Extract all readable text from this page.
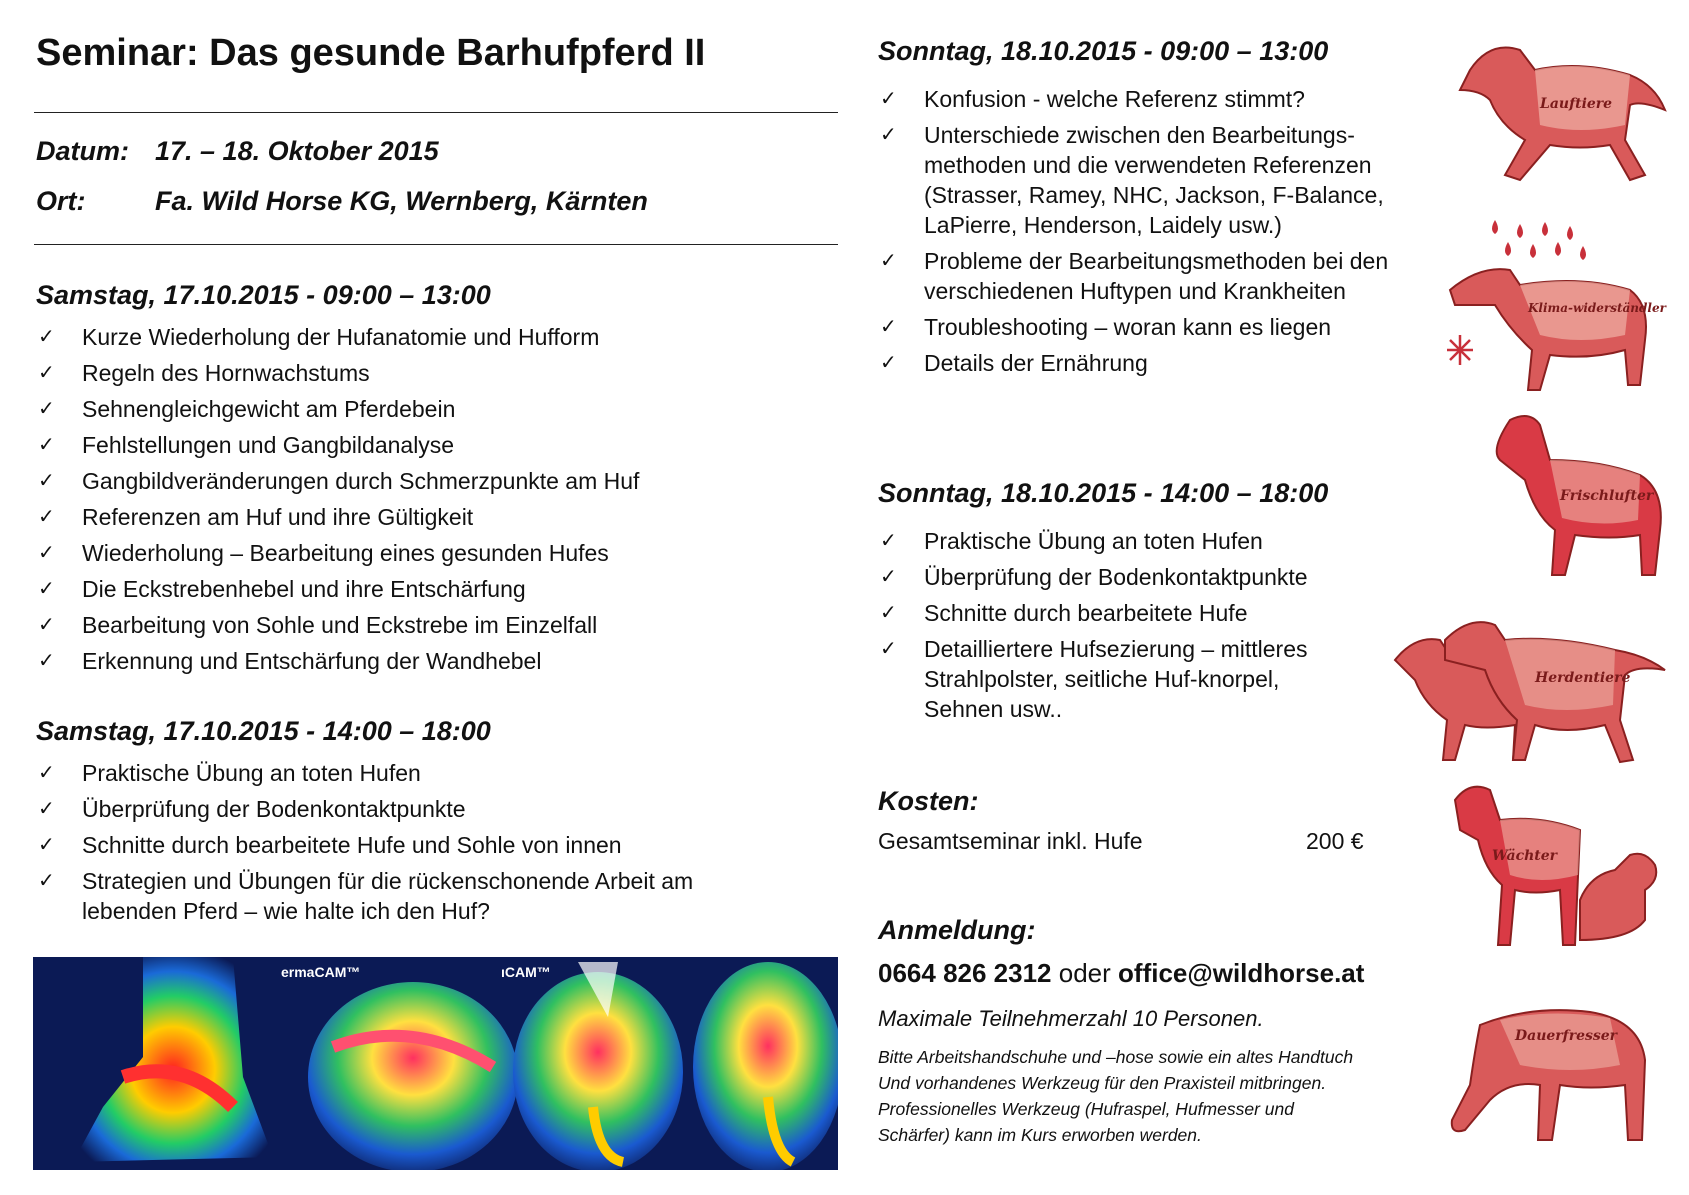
Seminar: Das gesunde Barhufpferd II
Datum: 17. – 18. Oktober 2015
Ort:	Fa. Wild Horse KG, Wernberg, Kärnten
Samstag, 17.10.2015 - 09:00 – 13:00
✓ Kurze Wiederholung der Hufanatomie und Hufform
✓ Regeln des Hornwachstums
✓ Sehnengleichgewicht am Pferdebein
✓ Fehlstellungen und Gangbildanalyse
✓ Gangbildveränderungen durch Schmerzpunkte am Huf
✓ Referenzen am Huf und ihre Gültigkeit
✓ Wiederholung – Bearbeitung eines gesunden Hufes
✓ Die Eckstrebenhebel und ihre Entschärfung
✓ Bearbeitung von Sohle und Eckstrebe im Einzelfall
✓ Erkennung und Entschärfung der Wandhebel
Samstag, 17.10.2015 - 14:00 – 18:00
✓ Praktische Übung an toten Hufen
✓ Überprüfung der Bodenkontaktpunkte
✓ Schnitte durch bearbeitete Hufe und Sohle von innen
✓ Strategien und Übungen für die rückenschonende Arbeit am lebenden Pferd – wie halte ich den Huf?
ermaCAM™	ıCAM™
Sonntag, 18.10.2015 - 09:00 – 13:00
✓ Konfusion - welche Referenz stimmt?
✓ Unterschiede zwischen den Bearbeitungs-methoden und die verwendeten Referenzen (Strasser, Ramey, NHC, Jackson, F-Balance, LaPierre, Henderson, Laidely usw.)
✓ Probleme der Bearbeitungsmethoden bei den verschiedenen Huftypen und Krankheiten
✓ Troubleshooting – woran kann es liegen
✓ Details der Ernährung
Sonntag, 18.10.2015 - 14:00 – 18:00
✓ Praktische Übung an toten Hufen
✓ Überprüfung der Bodenkontaktpunkte
✓ Schnitte durch bearbeitete Hufe
✓ Detailliertere Hufsezierung – mittleres Strahlpolster, seitliche Huf-knorpel, Sehnen usw..
Kosten:
Gesamtseminar inkl. Hufe	200 €
Anmeldung:
0664 826 2312 oder office@wildhorse.at
Maximale Teilnehmerzahl 10 Personen.
Bitte Arbeitshandschuhe und –hose sowie ein altes Handtuch
Und vorhandenes Werkzeug für den Praxisteil mitbringen.
Professionelles Werkzeug (Hufraspel, Hufmesser und
Schärfer) kann im Kurs erworben werden.
Lauftiere
Klima-widerständler
Frischlufter
Herdentiere
Wächter
Dauerfresser
